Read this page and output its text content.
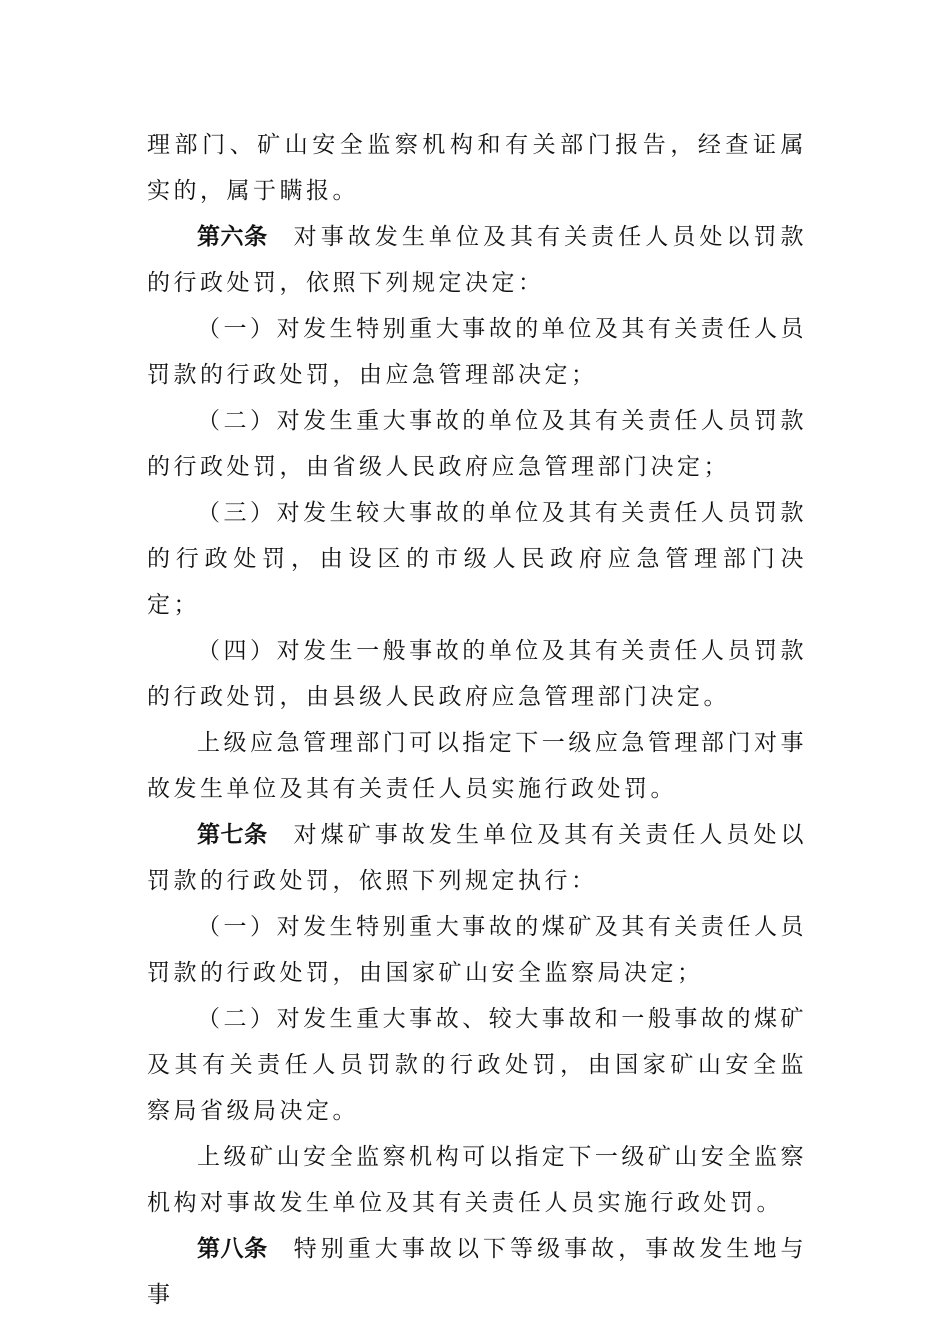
理部门、矿山安全监察机构和有关部门报告，经查证属实的，属于瞒报。

第六条 对事故发生单位及其有关责任人员处以罚款的行政处罚，依照下列规定决定：

（一）对发生特别重大事故的单位及其有关责任人员罚款的行政处罚，由应急管理部决定；

（二）对发生重大事故的单位及其有关责任人员罚款的行政处罚，由省级人民政府应急管理部门决定；

（三）对发生较大事故的单位及其有关责任人员罚款的行政处罚，由设区的市级人民政府应急管理部门决定；

（四）对发生一般事故的单位及其有关责任人员罚款的行政处罚，由县级人民政府应急管理部门决定。

上级应急管理部门可以指定下一级应急管理部门对事故发生单位及其有关责任人员实施行政处罚。

第七条 对煤矿事故发生单位及其有关责任人员处以罚款的行政处罚，依照下列规定执行：

（一）对发生特别重大事故的煤矿及其有关责任人员罚款的行政处罚，由国家矿山安全监察局决定；

（二）对发生重大事故、较大事故和一般事故的煤矿及其有关责任人员罚款的行政处罚，由国家矿山安全监察局省级局决定。

上级矿山安全监察机构可以指定下一级矿山安全监察机构对事故发生单位及其有关责任人员实施行政处罚。

第八条 特别重大事故以下等级事故，事故发生地与事
